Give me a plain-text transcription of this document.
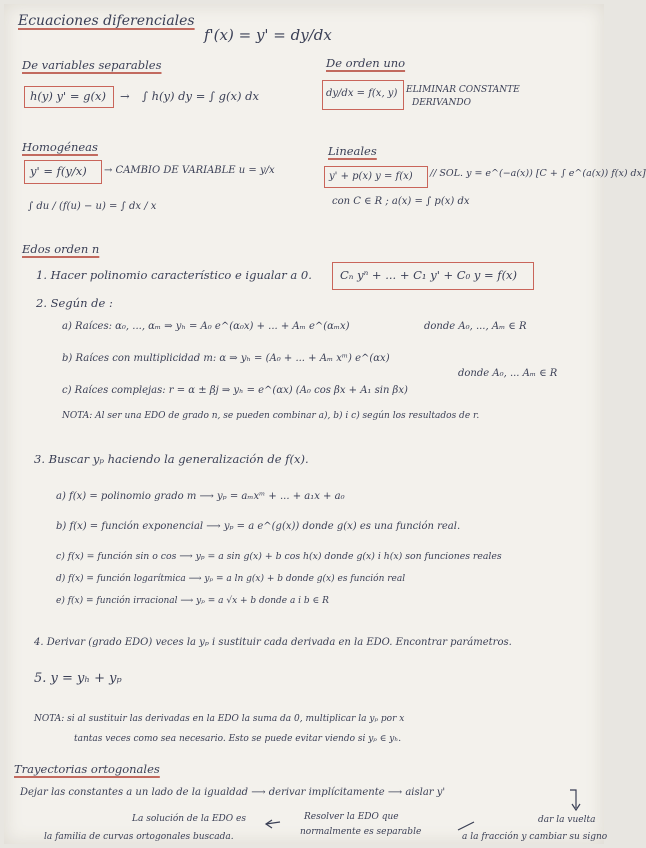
Ecuaciones diferenciales
f'(x) = y' = dy/dx
De variables separables
h(y) y' = g(x) → ∫ h(y) dy = ∫ g(x) dx
De orden uno
dy/dx = f(x, y) ELIMINAR CONSTANTE
DERIVANDO
Homogéneas
y' = f(y/x) → CAMBIO DE VARIABLE u = y/x
∫ du / (f(u) − u) = ∫ dx / x
Lineales
y' + p(x) y = f(x) // SOL. y = e^(−a(x)) [C + ∫ e^(a(x)) f(x) dx]
con C ∈ R ; a(x) = ∫ p(x) dx
Edos orden n
1. Hacer polinomio característico e igualar a 0. Cₙ yⁿ + ... + C₁ y' + C₀ y = f(x)
2. Según de :
a) Raíces: α₀, ..., αₘ ⇒ yₕ = A₀ e^(α₀x) + ... + Aₘ e^(αₘx)	donde A₀, ..., Aₘ ∈ R
b) Raíces con multiplicidad m: α ⇒ yₕ = (A₀ + ... + Aₘ xᵐ) e^(αx)
donde A₀, ... Aₘ ∈ R
c) Raíces complejas: r = α ± βj ⇒ yₕ = e^(αx) (A₀ cos βx + A₁ sin βx)
NOTA: Al ser una EDO de grado n, se pueden combinar a), b) i c) según los resultados de r.
3. Buscar yₚ haciendo la generalización de f(x).
a) f(x) = polinomio grado m ⟶ yₚ = aₘxᵐ + ... + a₁x + a₀
b) f(x) = función exponencial ⟶ yₚ = a e^(g(x)) donde g(x) es una función real.
c) f(x) = función sin o cos ⟶ yₚ = a sin g(x) + b cos h(x) donde g(x) i h(x) son funciones reales
d) f(x) = función logarítmica ⟶ yₚ = a ln g(x) + b donde g(x) es función real
e) f(x) = función irracional ⟶ yₚ = a √x + b donde a i b ∈ R
4. Derivar (grado EDO) veces la yₚ i sustituir cada derivada en la EDO. Encontrar parámetros.
5. y = yₕ + yₚ
NOTA: si al sustituir las derivadas en la EDO la suma da 0, multiplicar la yₚ por x
tantas veces como sea necesario. Esto se puede evitar viendo si yₚ ∈ yₕ.
Trayectorias ortogonales
Dejar las constantes a un lado de la igualdad ⟶ derivar implícitamente ⟶ aislar y'
La solución de la EDO es
la familia de curvas ortogonales buscada.
Resolver la EDO que
normalmente es separable
dar la vuelta
a la fracción y cambiar su signo
